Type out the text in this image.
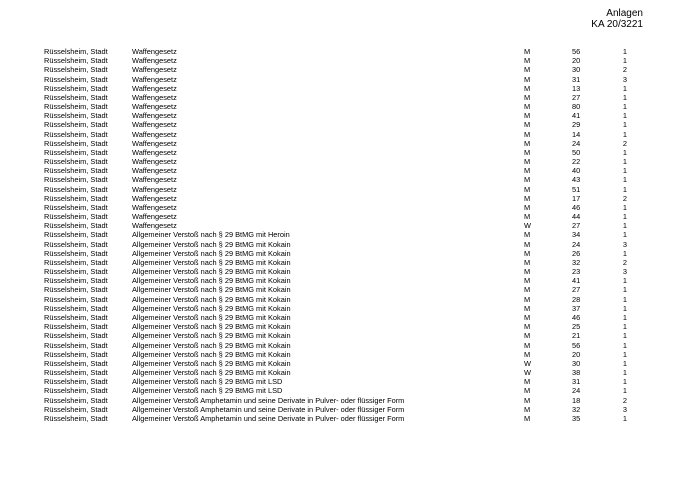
Anlagen
KA 20/3221
Rüsselsheim, Stadt	Waffengesetz	M	56	1
Rüsselsheim, Stadt	Waffengesetz	M	20	1
Rüsselsheim, Stadt	Waffengesetz	M	30	2
Rüsselsheim, Stadt	Waffengesetz	M	31	3
Rüsselsheim, Stadt	Waffengesetz	M	13	1
Rüsselsheim, Stadt	Waffengesetz	M	27	1
Rüsselsheim, Stadt	Waffengesetz	M	80	1
Rüsselsheim, Stadt	Waffengesetz	M	41	1
Rüsselsheim, Stadt	Waffengesetz	M	29	1
Rüsselsheim, Stadt	Waffengesetz	M	14	1
Rüsselsheim, Stadt	Waffengesetz	M	24	2
Rüsselsheim, Stadt	Waffengesetz	M	50	1
Rüsselsheim, Stadt	Waffengesetz	M	22	1
Rüsselsheim, Stadt	Waffengesetz	M	40	1
Rüsselsheim, Stadt	Waffengesetz	M	43	1
Rüsselsheim, Stadt	Waffengesetz	M	51	1
Rüsselsheim, Stadt	Waffengesetz	M	17	2
Rüsselsheim, Stadt	Waffengesetz	M	46	1
Rüsselsheim, Stadt	Waffengesetz	M	44	1
Rüsselsheim, Stadt	Waffengesetz	W	27	1
Rüsselsheim, Stadt	Allgemeiner Verstoß nach § 29 BtMG mit Heroin	M	34	1
Rüsselsheim, Stadt	Allgemeiner Verstoß nach § 29 BtMG mit Kokain	M	24	3
Rüsselsheim, Stadt	Allgemeiner Verstoß nach § 29 BtMG mit Kokain	M	26	1
Rüsselsheim, Stadt	Allgemeiner Verstoß nach § 29 BtMG mit Kokain	M	32	2
Rüsselsheim, Stadt	Allgemeiner Verstoß nach § 29 BtMG mit Kokain	M	23	3
Rüsselsheim, Stadt	Allgemeiner Verstoß nach § 29 BtMG mit Kokain	M	41	1
Rüsselsheim, Stadt	Allgemeiner Verstoß nach § 29 BtMG mit Kokain	M	27	1
Rüsselsheim, Stadt	Allgemeiner Verstoß nach § 29 BtMG mit Kokain	M	28	1
Rüsselsheim, Stadt	Allgemeiner Verstoß nach § 29 BtMG mit Kokain	M	37	1
Rüsselsheim, Stadt	Allgemeiner Verstoß nach § 29 BtMG mit Kokain	M	46	1
Rüsselsheim, Stadt	Allgemeiner Verstoß nach § 29 BtMG mit Kokain	M	25	1
Rüsselsheim, Stadt	Allgemeiner Verstoß nach § 29 BtMG mit Kokain	M	21	1
Rüsselsheim, Stadt	Allgemeiner Verstoß nach § 29 BtMG mit Kokain	M	56	1
Rüsselsheim, Stadt	Allgemeiner Verstoß nach § 29 BtMG mit Kokain	M	20	1
Rüsselsheim, Stadt	Allgemeiner Verstoß nach § 29 BtMG mit Kokain	W	30	1
Rüsselsheim, Stadt	Allgemeiner Verstoß nach § 29 BtMG mit Kokain	W	38	1
Rüsselsheim, Stadt	Allgemeiner Verstoß nach § 29 BtMG mit LSD	M	31	1
Rüsselsheim, Stadt	Allgemeiner Verstoß nach § 29 BtMG mit LSD	M	24	1
Rüsselsheim, Stadt	Allgemeiner Verstoß Amphetamin und seine Derivate in Pulver- oder flüssiger Form	M	18	2
Rüsselsheim, Stadt	Allgemeiner Verstoß Amphetamin und seine Derivate in Pulver- oder flüssiger Form	M	32	3
Rüsselsheim, Stadt	Allgemeiner Verstoß Amphetamin und seine Derivate in Pulver- oder flüssiger Form	M	35	1
